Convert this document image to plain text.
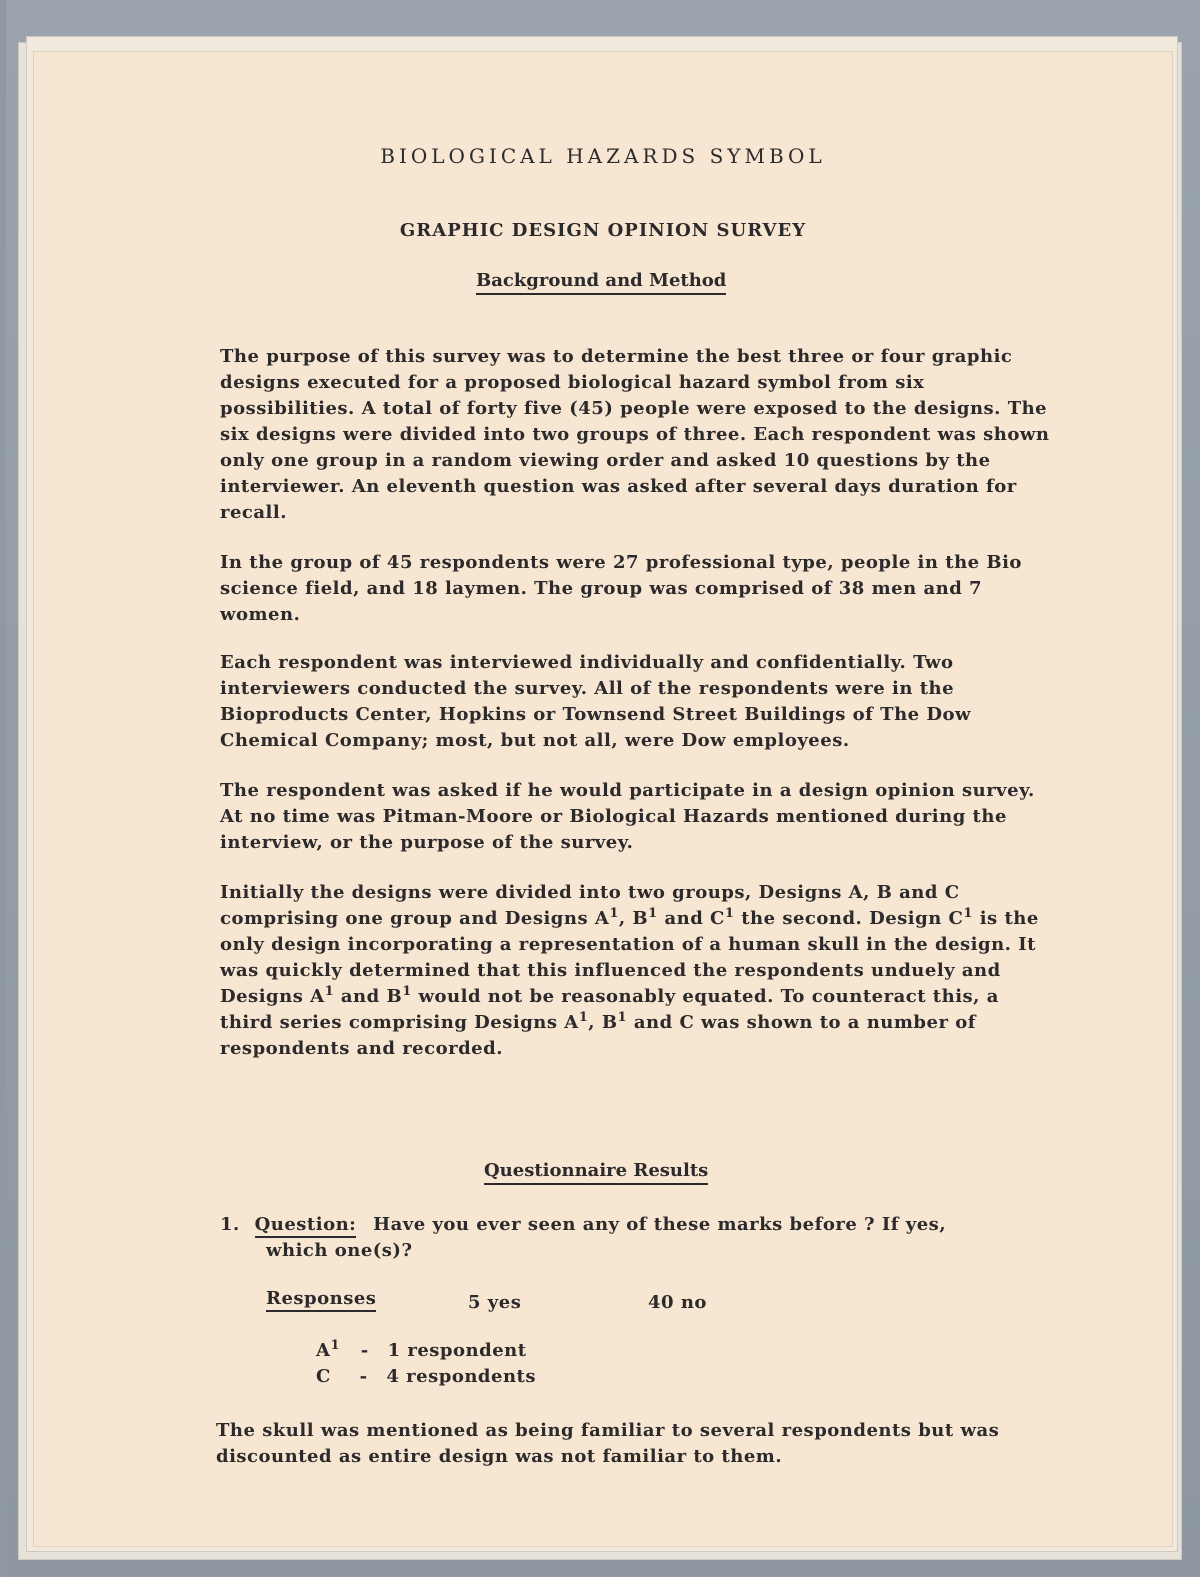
BIOLOGICAL HAZARDS SYMBOL
GRAPHIC DESIGN OPINION SURVEY
Background and Method

The purpose of this survey was to determine the best three or four graphic designs executed for a proposed biological hazard symbol from six possibilities. A total of forty five (45) people were exposed to the designs. The six designs were divided into two groups of three. Each respondent was shown only one group in a random viewing order and asked 10 questions by the interviewer. An eleventh question was asked after several days duration for recall.

In the group of 45 respondents were 27 professional type, people in the Bio science field, and 18 laymen. The group was comprised of 38 men and 7 women.

Each respondent was interviewed individually and confidentially. Two interviewers conducted the survey. All of the respondents were in the Bioproducts Center, Hopkins or Townsend Street Buildings of The Dow Chemical Company; most, but not all, were Dow employees.

The respondent was asked if he would participate in a design opinion survey. At no time was Pitman-Moore or Biological Hazards mentioned during the interview, or the purpose of the survey.

Initially the designs were divided into two groups, Designs A, B and C comprising one group and Designs $A^1$, $B^1$ and $C^1$ the second. Design $C^1$ is the only design incorporating a representation of a human skull in the design. It was quickly determined that this influenced the respondents unduely and Designs $A^1$ and $B^1$ would not be reasonably equated. To counteract this, a third series comprising Designs $A^1$, $B^1$ and C was shown to a number of respondents and recorded.

Questionnaire Results
1. Question: Have you ever seen any of these marks before ? If yes,
which one(s)?
Responses	5 yes	40 no
$A^1 - 1$ respondent
C - 4 respondents

The skull was mentioned as being familiar to several respondents but was discounted as entire design was not familiar to them.
